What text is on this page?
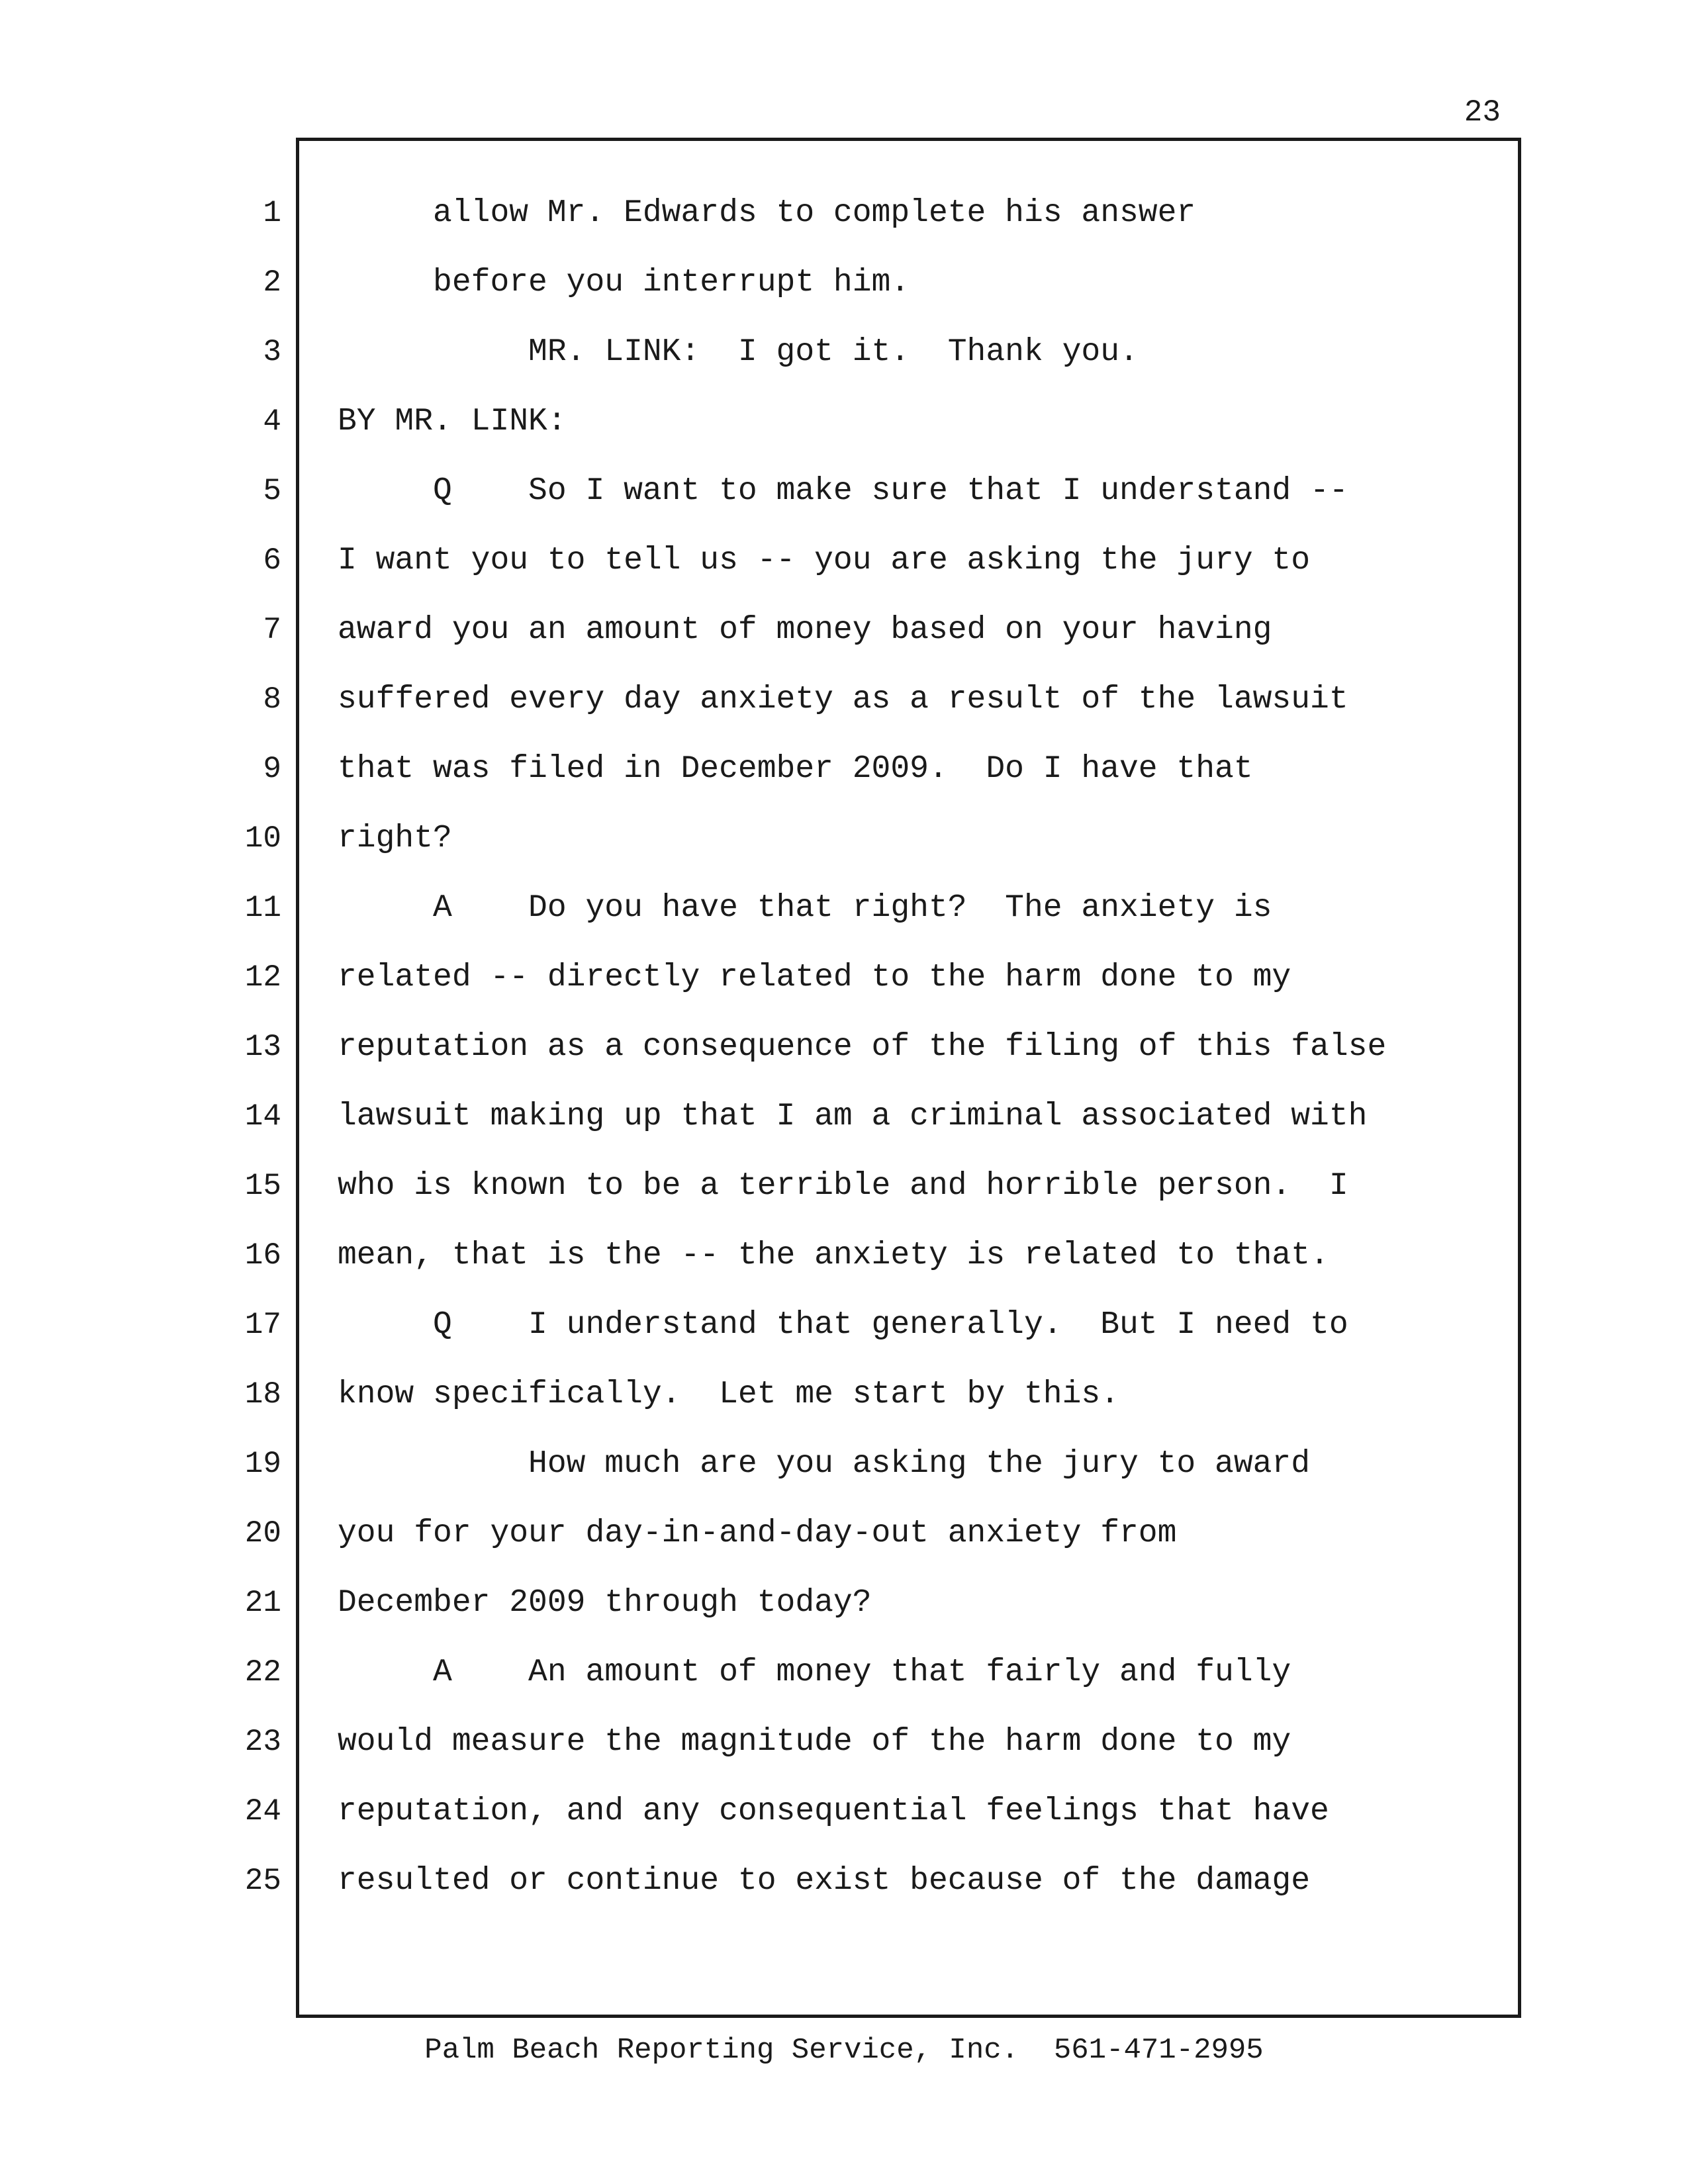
23
1
2
3
4
5
6
7
8
9
10
11
12
13
14
15
16
17
18
19
20
21
22
23
24
25
allow Mr. Edwards to complete his answer
before you interrupt him.
MR. LINK:  I got it.  Thank you.
BY MR. LINK:
Q    So I want to make sure that I understand --
I want you to tell us -- you are asking the jury to
award you an amount of money based on your having
suffered every day anxiety as a result of the lawsuit
that was filed in December 2009.  Do I have that
right?
A    Do you have that right?  The anxiety is
related -- directly related to the harm done to my
reputation as a consequence of the filing of this false
lawsuit making up that I am a criminal associated with
who is known to be a terrible and horrible person.  I
mean, that is the -- the anxiety is related to that.
Q    I understand that generally.  But I need to
know specifically.  Let me start by this.
How much are you asking the jury to award
you for your day-in-and-day-out anxiety from
December 2009 through today?
A    An amount of money that fairly and fully
would measure the magnitude of the harm done to my
reputation, and any consequential feelings that have
resulted or continue to exist because of the damage
Palm Beach Reporting Service, Inc.  561-471-2995
